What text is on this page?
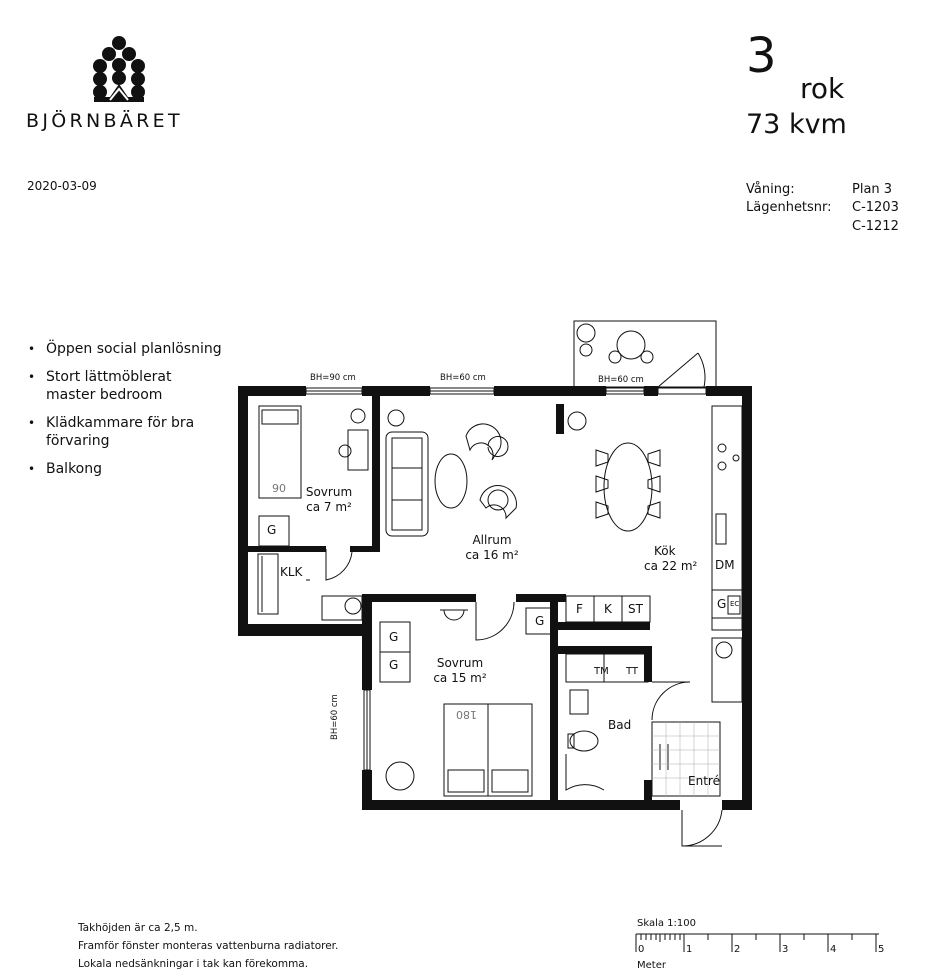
BJÖRNBÄRET
2020-03-09
3
rok
73 kvm
Våning:	Plan 3
Lägenhetsnr: C-1203
C-1212
• Öppen social planlösning
• Stort lättmöblerat master bedroom
• Klädkammare för bra förvaring
• Balkong
BH=90 cm	BH=60 cm	BH=60 cm
BH=60 cm
Sovrum
ca 7 m²
Allrum
ca 16 m²	Kök
ca 22 m²
Sovrum
ca 15 m²
Bad
Entré
KLK
G
DM
G EC
F K ST
G
G
G	TM TT
90
180
Takhöjden är ca 2,5 m.
Framför fönster monteras vattenburna radiatorer.
Lokala nedsänkningar i tak kan förekomma.
Skala 1:100
0	1	2	3	4	5
Meter
